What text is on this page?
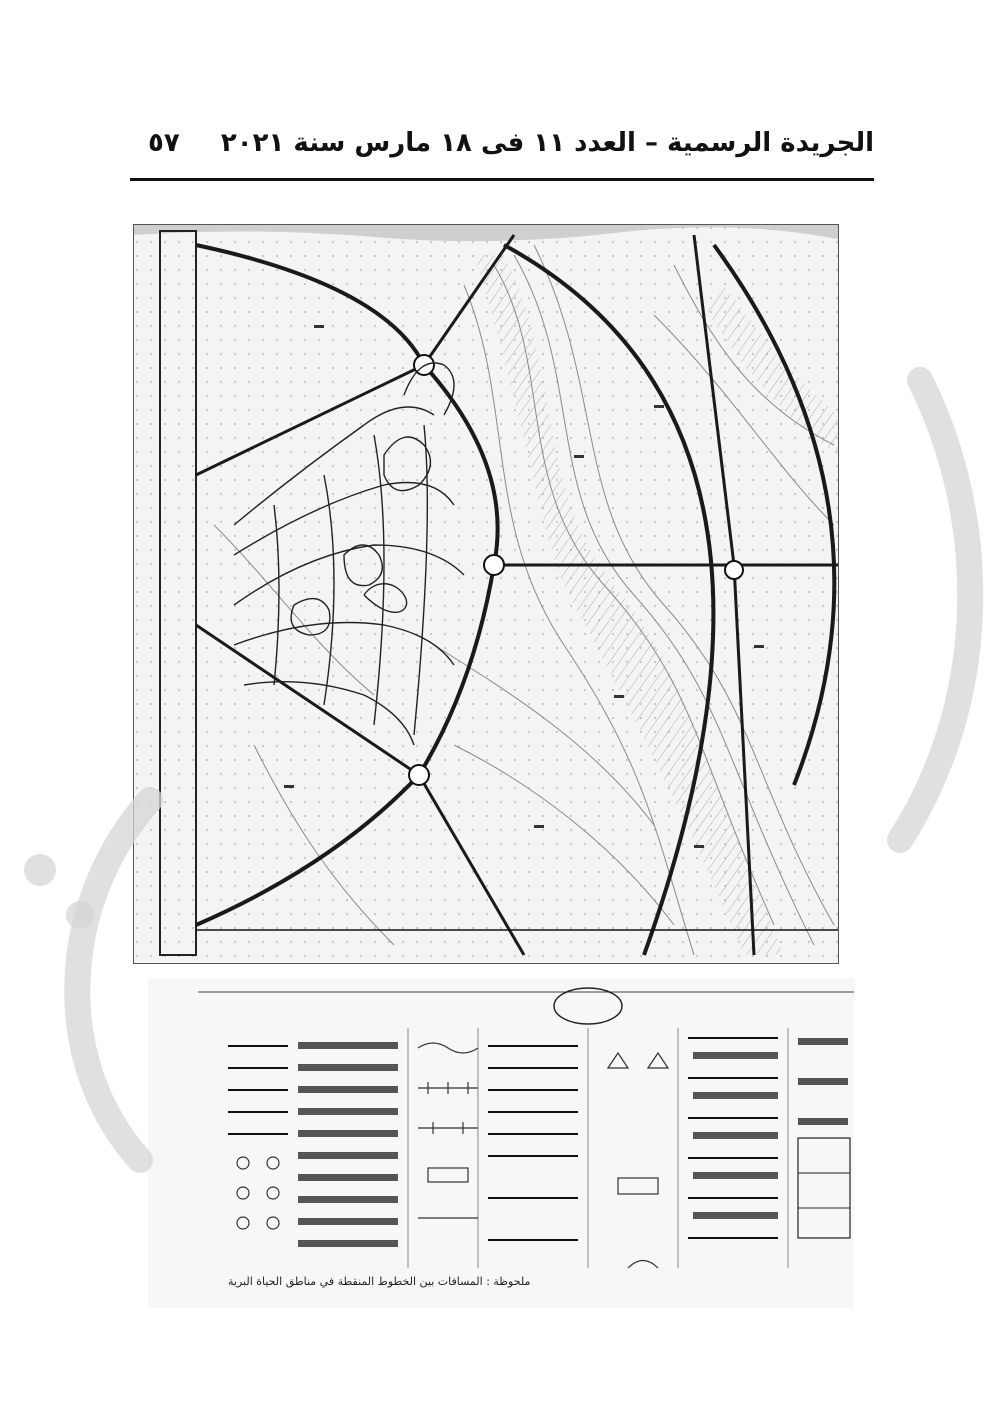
الجريدة الرسمية – العدد ١١ فى ١٨ مارس سنة ٢٠٢١
٥٧
ملحوظة : المسافات بين الخطوط المنقطة في مناطق الحياة البرية
